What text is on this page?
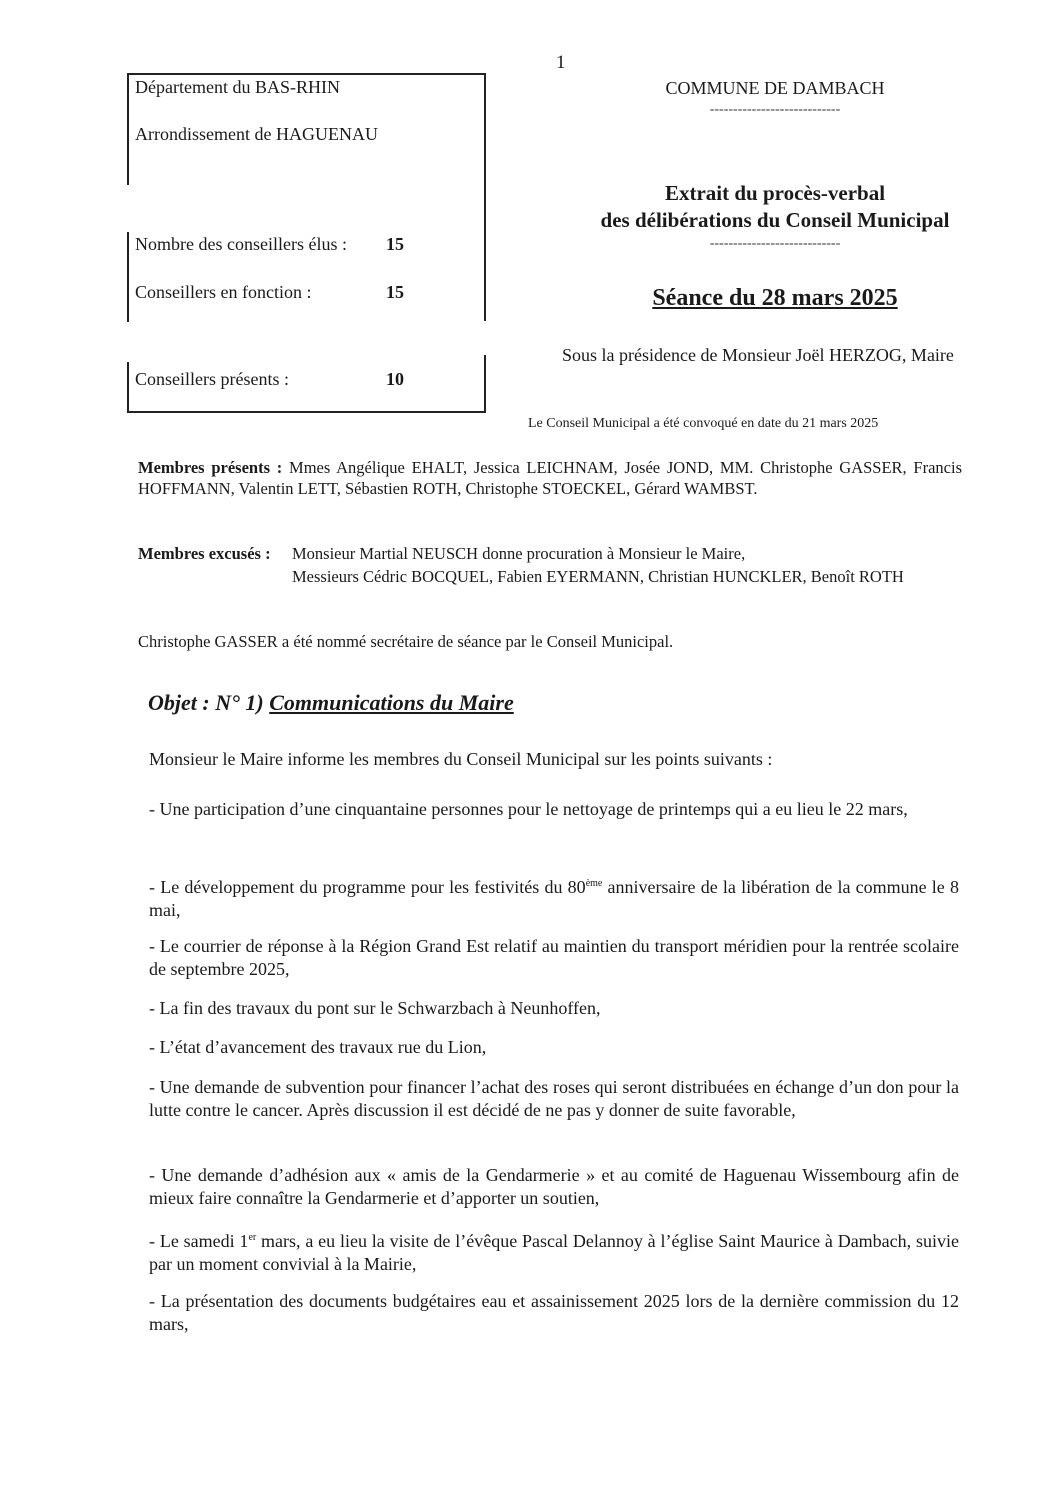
1
Département du BAS-RHIN
Arrondissement de HAGUENAU
Nombre des conseillers élus : 15
Conseillers en fonction :	15
Conseillers présents :	10
COMMUNE DE DAMBACH
----------------------------
Extrait du procès-verbal
des délibérations du Conseil Municipal
----------------------------
Séance du 28 mars 2025
Sous la présidence de Monsieur Joël HERZOG, Maire
Le Conseil Municipal a été convoqué en date du 21 mars 2025
Membres présents : Mmes Angélique EHALT, Jessica LEICHNAM, Josée JOND, MM. Christophe GASSER, Francis HOFFMANN, Valentin LETT, Sébastien ROTH, Christophe STOECKEL, Gérard WAMBST.
Membres excusés :	Monsieur Martial NEUSCH donne procuration à Monsieur le Maire,
Messieurs Cédric BOCQUEL, Fabien EYERMANN, Christian HUNCKLER, Benoît ROTH
Christophe GASSER a été nommé secrétaire de séance par le Conseil Municipal.
Objet : N° 1) Communications du Maire
Monsieur le Maire informe les membres du Conseil Municipal sur les points suivants :
- Une participation d’une cinquantaine personnes pour le nettoyage de printemps qui a eu lieu le 22 mars,
- Le développement du programme pour les festivités du 80ème anniversaire de la libération de la commune le 8 mai,
- Le courrier de réponse à la Région Grand Est relatif au maintien du transport méridien pour la rentrée scolaire de septembre 2025,
- La fin des travaux du pont sur le Schwarzbach à Neunhoffen,
- L’état d’avancement des travaux rue du Lion,
- Une demande de subvention pour financer l’achat des roses qui seront distribuées en échange d’un don pour la lutte contre le cancer. Après discussion il est décidé de ne pas y donner de suite favorable,
- Une demande d’adhésion aux « amis de la Gendarmerie » et au comité de Haguenau Wissembourg afin de mieux faire connaître la Gendarmerie et d’apporter un soutien,
- Le samedi 1er mars, a eu lieu la visite de l’évêque Pascal Delannoy à l’église Saint Maurice à Dambach, suivie par un moment convivial à la Mairie,
- La présentation des documents budgétaires eau et assainissement 2025 lors de la dernière commission du 12 mars,
